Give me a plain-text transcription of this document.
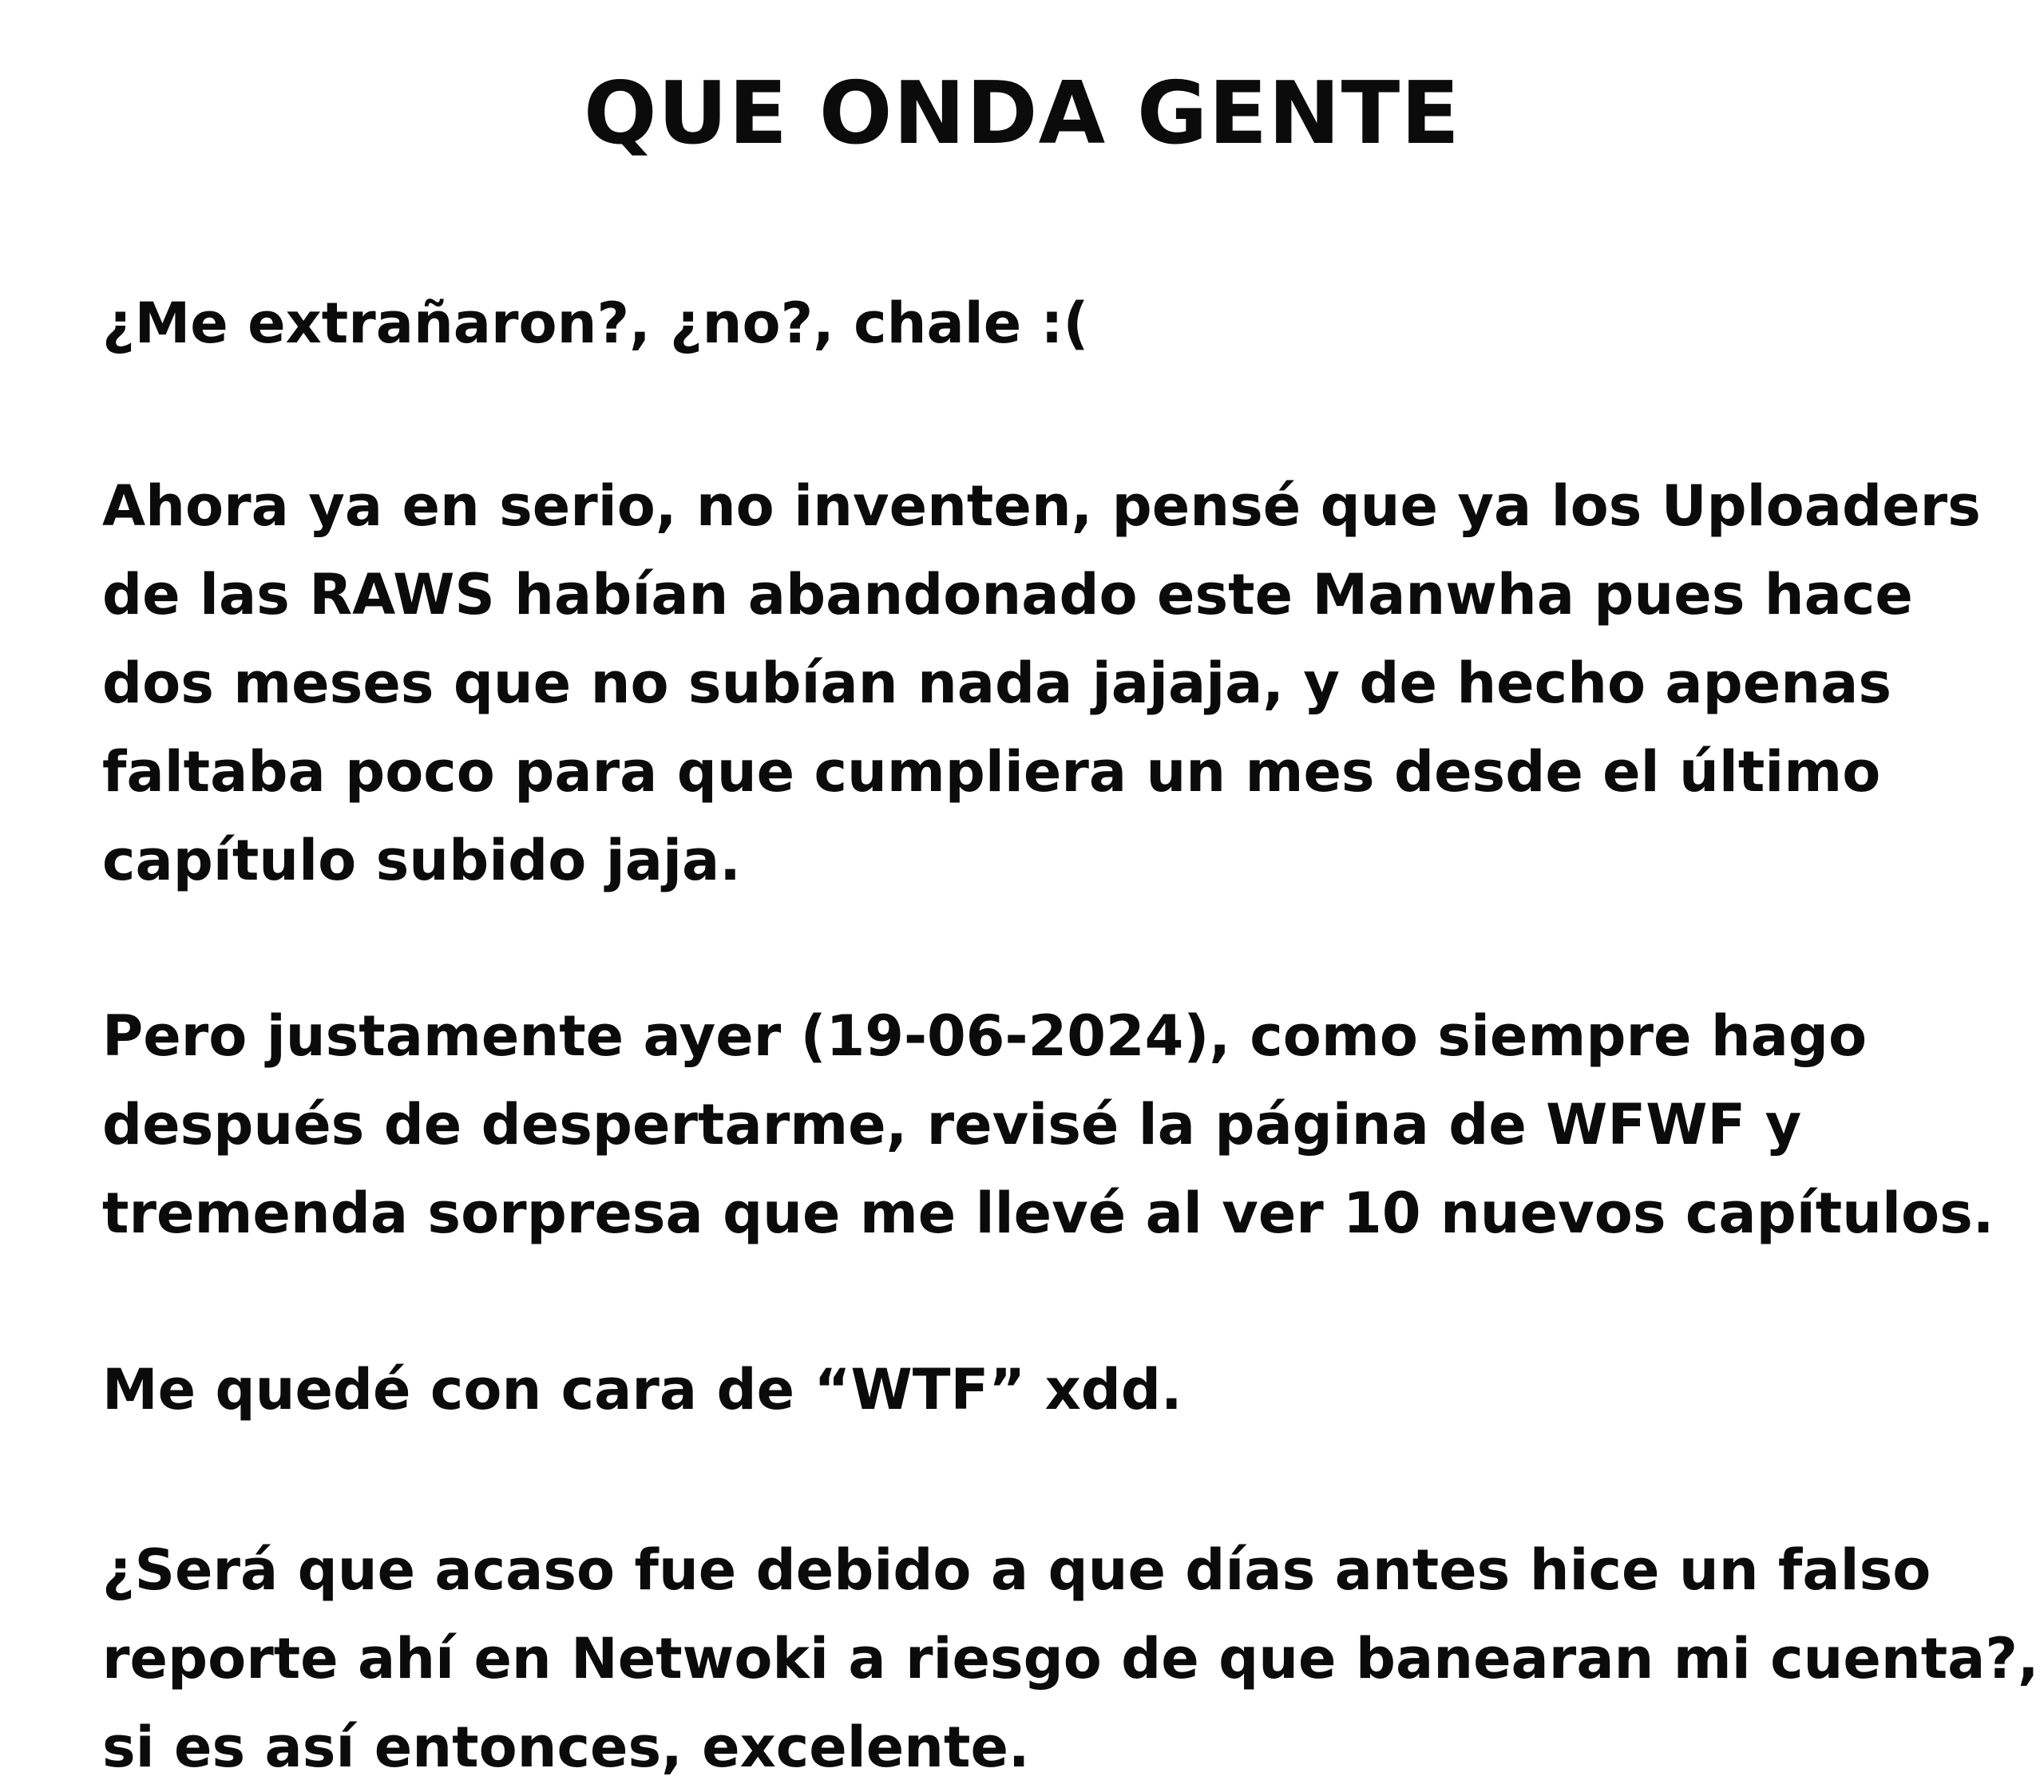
QUE ONDA GENTE

¿Me extrañaron?, ¿no?, chale :(

Ahora ya en serio, no inventen, pensé que ya los Uploaders
de las RAWS habían abandonado este Manwha pues hace
dos meses que no subían nada jajaja, y de hecho apenas
faltaba poco para que cumpliera un mes desde el último
capítulo subido jaja.

Pero justamente ayer (19-06-2024), como siempre hago
después de despertarme, revisé la página de WFWF y
tremenda sorpresa que me llevé al ver 10 nuevos capítulos.

Me quedé con cara de “WTF” xdd.

¿Será que acaso fue debido a que días antes hice un falso
reporte ahí en Netwoki a riesgo de que banearan mi cuenta?,
si es así entonces, excelente.
